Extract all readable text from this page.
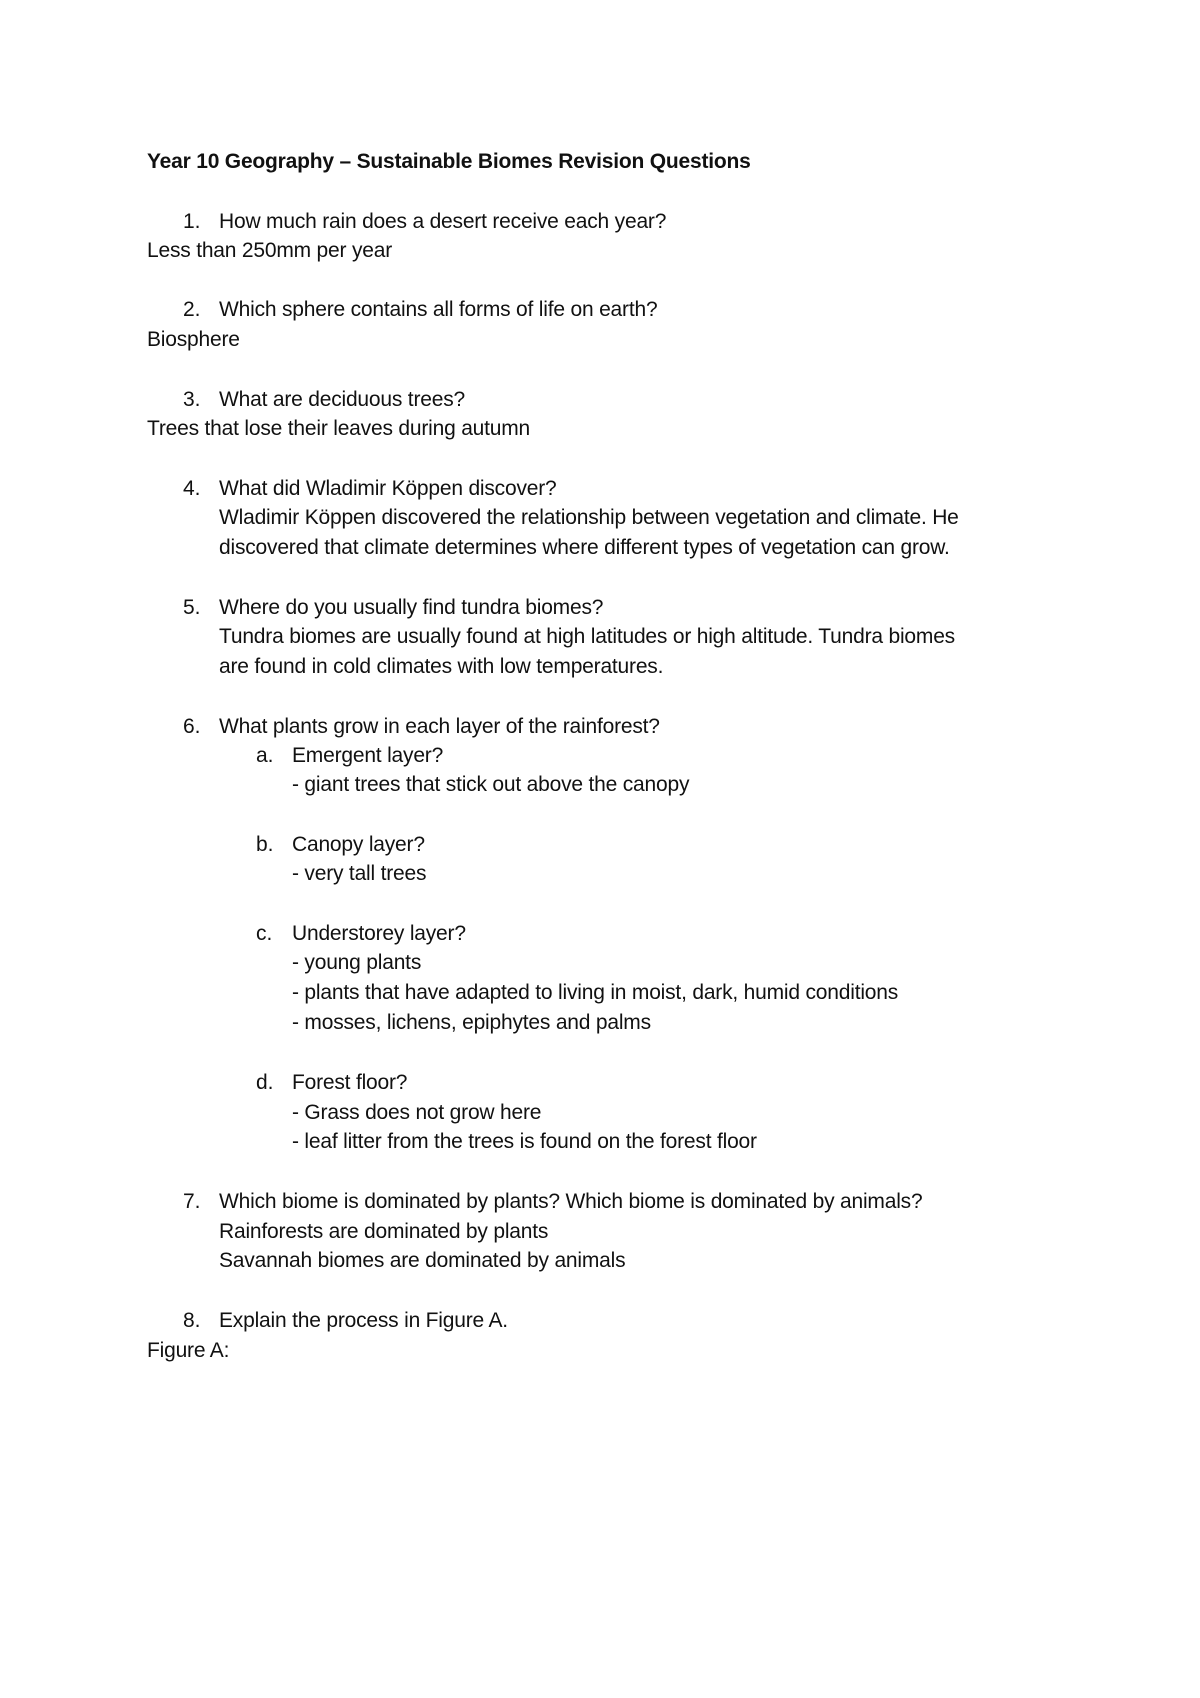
Year 10 Geography – Sustainable Biomes Revision Questions
1. How much rain does a desert receive each year?
Less than 250mm per year
2. Which sphere contains all forms of life on earth?
Biosphere
3. What are deciduous trees?
Trees that lose their leaves during autumn
4. What did Wladimir Köppen discover?
Wladimir Köppen discovered the relationship between vegetation and climate. He
discovered that climate determines where different types of vegetation can grow.
5. Where do you usually find tundra biomes?
Tundra biomes are usually found at high latitudes or high altitude. Tundra biomes
are found in cold climates with low temperatures.
6. What plants grow in each layer of the rainforest?
a. Emergent layer?
- giant trees that stick out above the canopy
b. Canopy layer?
- very tall trees
c. Understorey layer?
- young plants
- plants that have adapted to living in moist, dark, humid conditions
- mosses, lichens, epiphytes and palms
d. Forest floor?
- Grass does not grow here
- leaf litter from the trees is found on the forest floor
7. Which biome is dominated by plants? Which biome is dominated by animals?
Rainforests are dominated by plants
Savannah biomes are dominated by animals
8. Explain the process in Figure A.
Figure A:
